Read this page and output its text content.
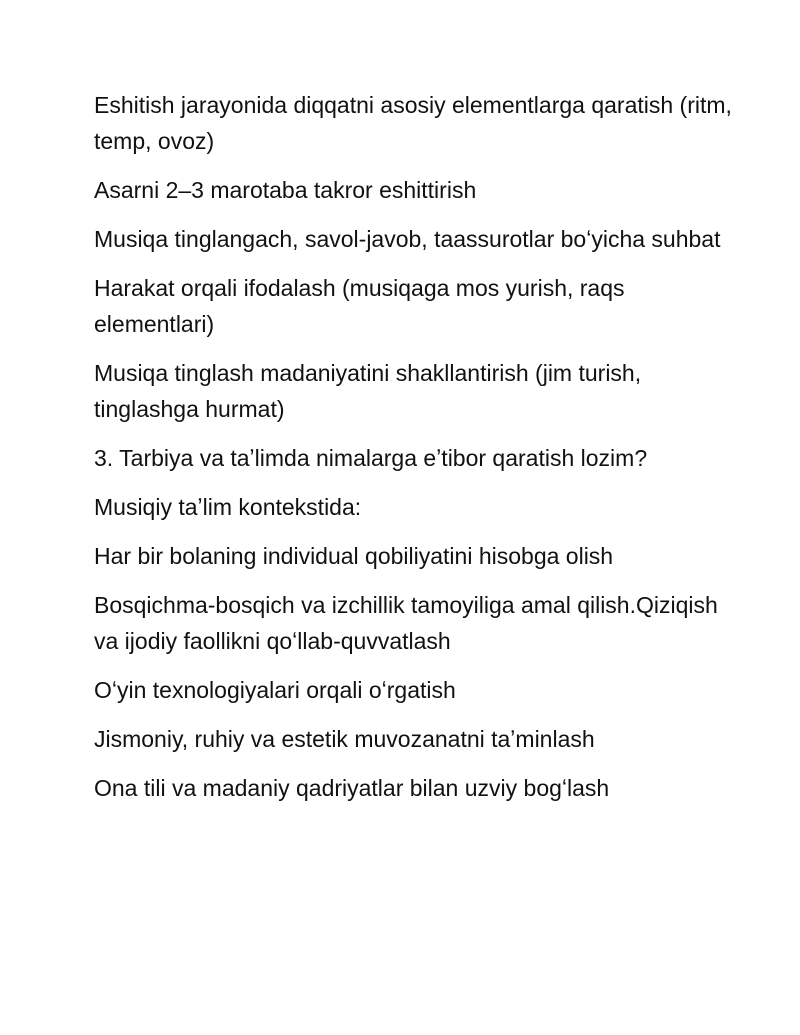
Eshitish jarayonida diqqatni asosiy elementlarga qaratish (ritm, temp, ovoz)

Asarni 2–3 marotaba takror eshittirish

Musiqa tinglangach, savol-javob, taassurotlar boʻyicha suhbat

Harakat orqali ifodalash (musiqaga mos yurish, raqs elementlari)

Musiqa tinglash madaniyatini shakllantirish (jim turish, tinglashga hurmat)

3. Tarbiya va taʼlimda nimalarga eʼtibor qaratish lozim?

Musiqiy taʼlim kontekstida:

Har bir bolaning individual qobiliyatini hisobga olish

Bosqichma-bosqich va izchillik tamoyiliga amal qilish.Qiziqish va ijodiy faollikni qoʻllab-quvvatlash

Oʻyin texnologiyalari orqali oʻrgatish

Jismoniy, ruhiy va estetik muvozanatni taʼminlash

Ona tili va madaniy qadriyatlar bilan uzviy bogʻlash
